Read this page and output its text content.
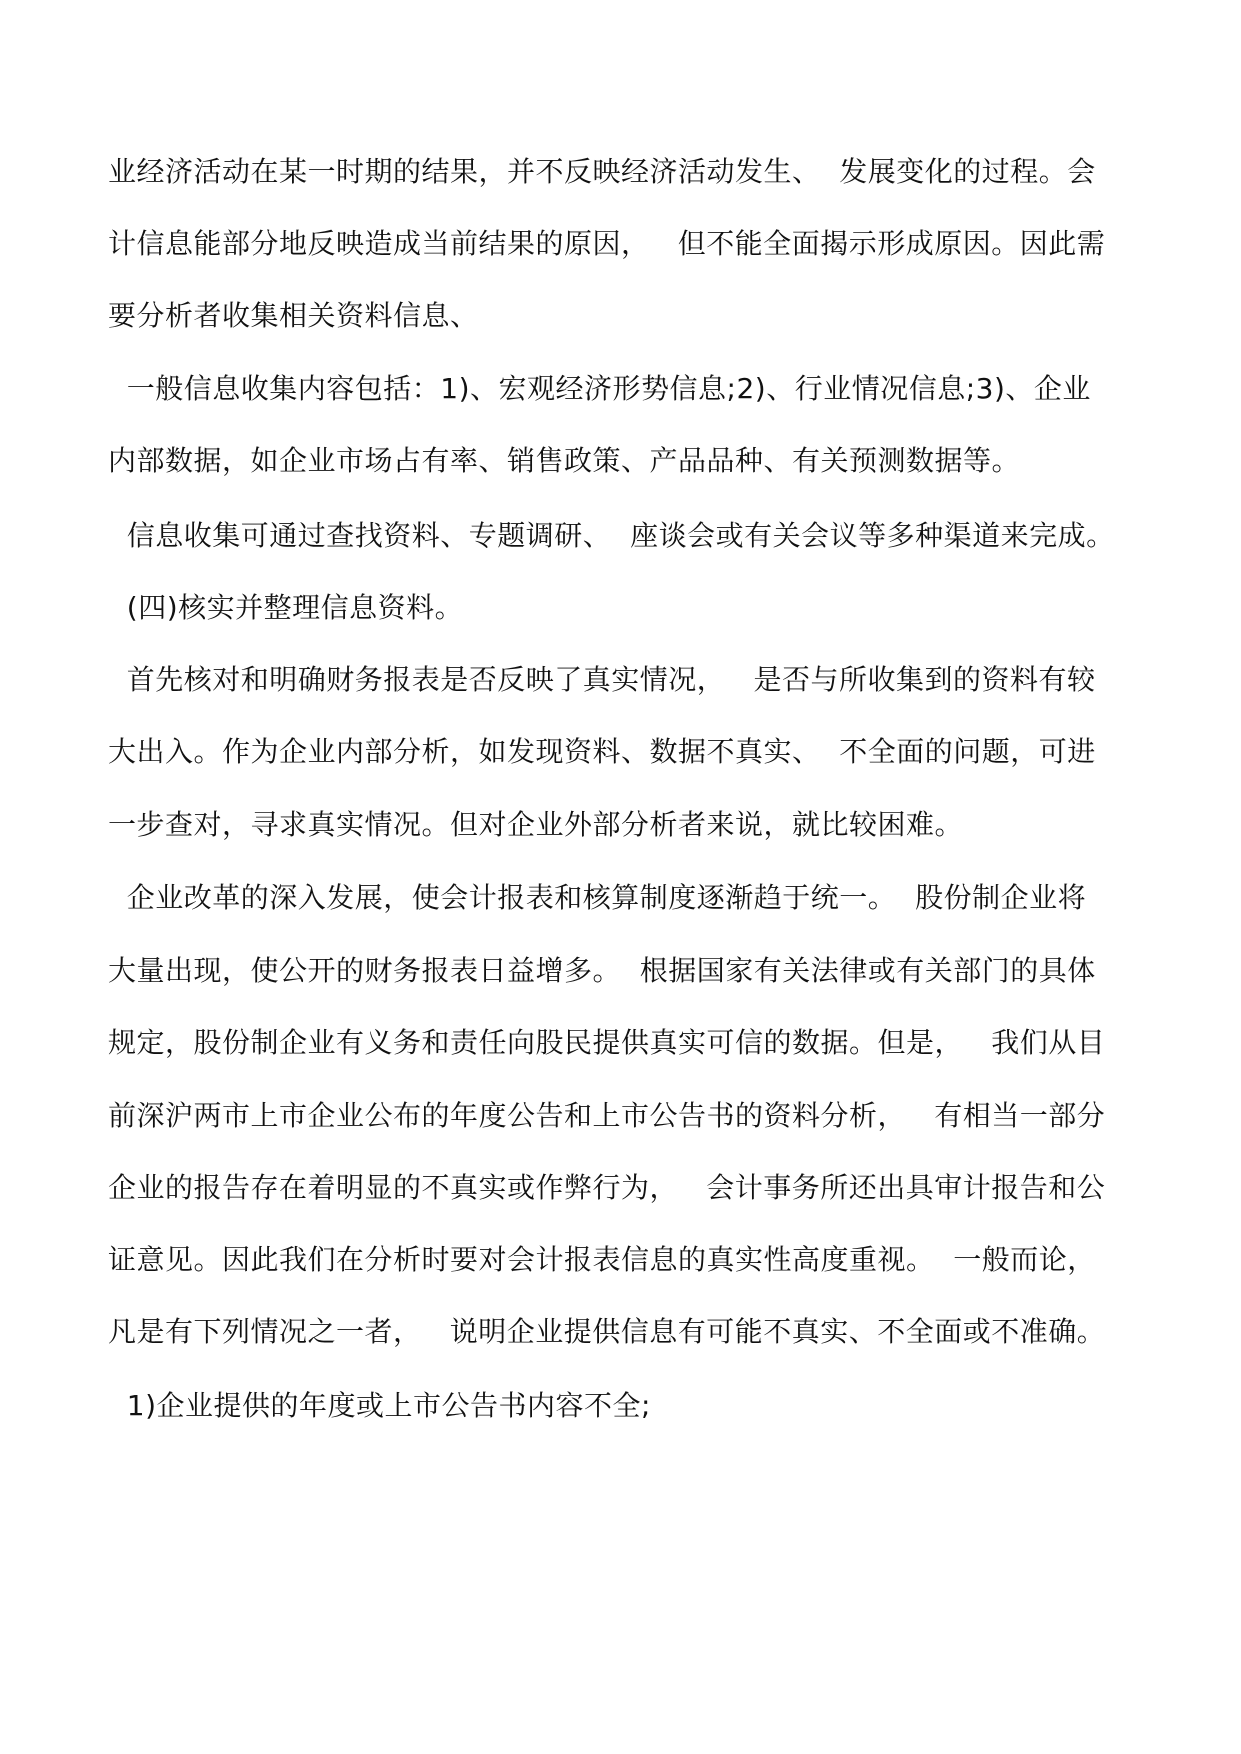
业经济活动在某一时期的结果，并不反映经济活动发生、  发展变化的过程。会
计信息能部分地反映造成当前结果的原因，   但不能全面揭示形成原因。因此需
要分析者收集相关资料信息、
一般信息收集内容包括：1)、宏观经济形势信息;2)、行业情况信息;3)、企业
内部数据，如企业市场占有率、销售政策、产品品种、有关预测数据等。
信息收集可通过查找资料、专题调研、  座谈会或有关会议等多种渠道来完成。
(四)核实并整理信息资料。
首先核对和明确财务报表是否反映了真实情况，   是否与所收集到的资料有较
大出入。作为企业内部分析，如发现资料、数据不真实、  不全面的问题，可进
一步查对，寻求真实情况。但对企业外部分析者来说，就比较困难。
企业改革的深入发展，使会计报表和核算制度逐渐趋于统一。  股份制企业将
大量出现，使公开的财务报表日益增多。  根据国家有关法律或有关部门的具体
规定，股份制企业有义务和责任向股民提供真实可信的数据。但是，   我们从目
前深沪两市上市企业公布的年度公告和上市公告书的资料分析，   有相当一部分
企业的报告存在着明显的不真实或作弊行为，   会计事务所还出具审计报告和公
证意见。因此我们在分析时要对会计报表信息的真实性高度重视。  一般而论，
凡是有下列情况之一者，   说明企业提供信息有可能不真实、不全面或不准确。
1)企业提供的年度或上市公告书内容不全;
